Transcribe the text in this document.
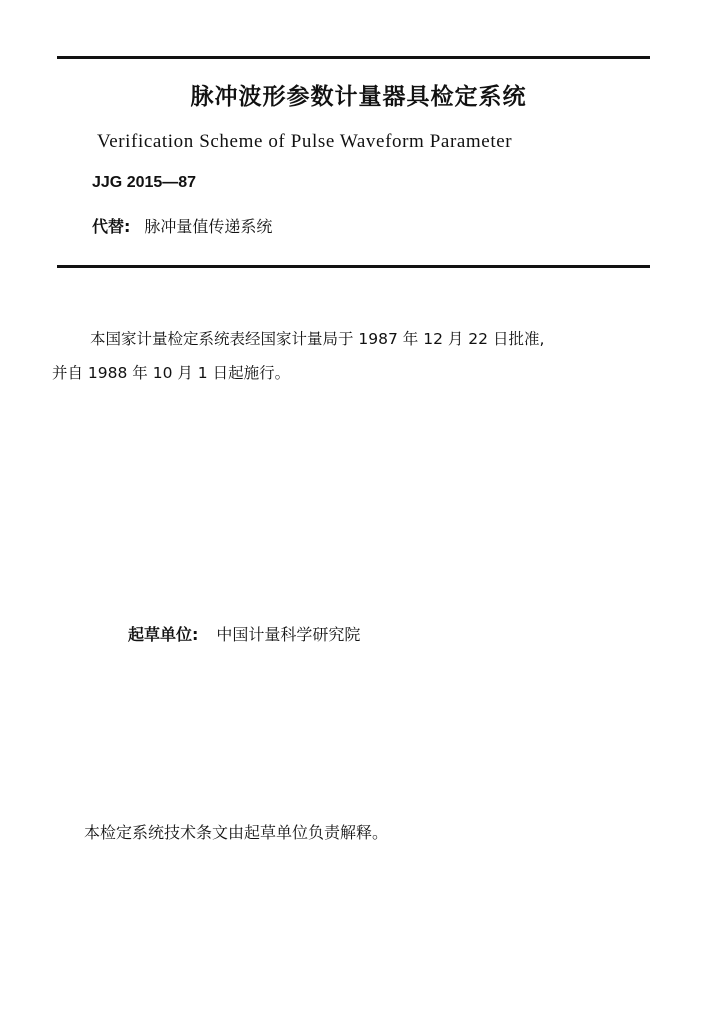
脉冲波形参数计量器具检定系统
Verification Scheme of Pulse Waveform Parameter
JJG 2015—87
代替: 脉冲量值传递系统
本国家计量检定系统表经国家计量局于 1987 年 12 月 22 日批准,
并自 1988 年 10 月 1 日起施行。
起草单位: 中国计量科学研究院
本检定系统技术条文由起草单位负责解释。
